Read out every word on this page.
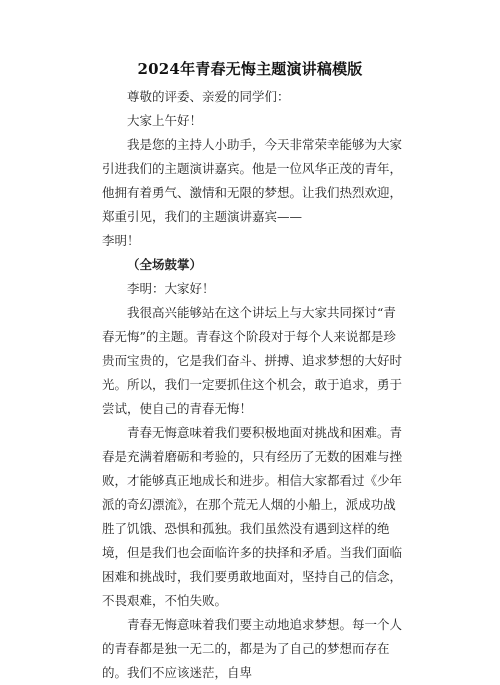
2024年青春无悔主题演讲稿模版

尊敬的评委、亲爱的同学们：

大家上午好！

我是您的主持人小助手，今天非常荣幸能够为大家引进我们的主题演讲嘉宾。他是一位风华正茂的青年，他拥有着勇气、激情和无限的梦想。让我们热烈欢迎，郑重引见，我们的主题演讲嘉宾——

李明！

（全场鼓掌）

李明：大家好！

我很高兴能够站在这个讲坛上与大家共同探讨“青春无悔”的主题。青春这个阶段对于每个人来说都是珍贵而宝贵的，它是我们奋斗、拼搏、追求梦想的大好时光。所以，我们一定要抓住这个机会，敢于追求，勇于尝试，使自己的青春无悔！

青春无悔意味着我们要积极地面对挑战和困难。青春是充满着磨砺和考验的，只有经历了无数的困难与挫败，才能够真正地成长和进步。相信大家都看过《少年派的奇幻漂流》，在那个荒无人烟的小船上，派成功战胜了饥饿、恐惧和孤独。我们虽然没有遇到这样的绝境，但是我们也会面临许多的抉择和矛盾。当我们面临困难和挑战时，我们要勇敢地面对，坚持自己的信念，不畏艰难，不怕失败。

青春无悔意味着我们要主动地追求梦想。每一个人的青春都是独一无二的，都是为了自己的梦想而存在的。我们不应该迷茫，自卑
